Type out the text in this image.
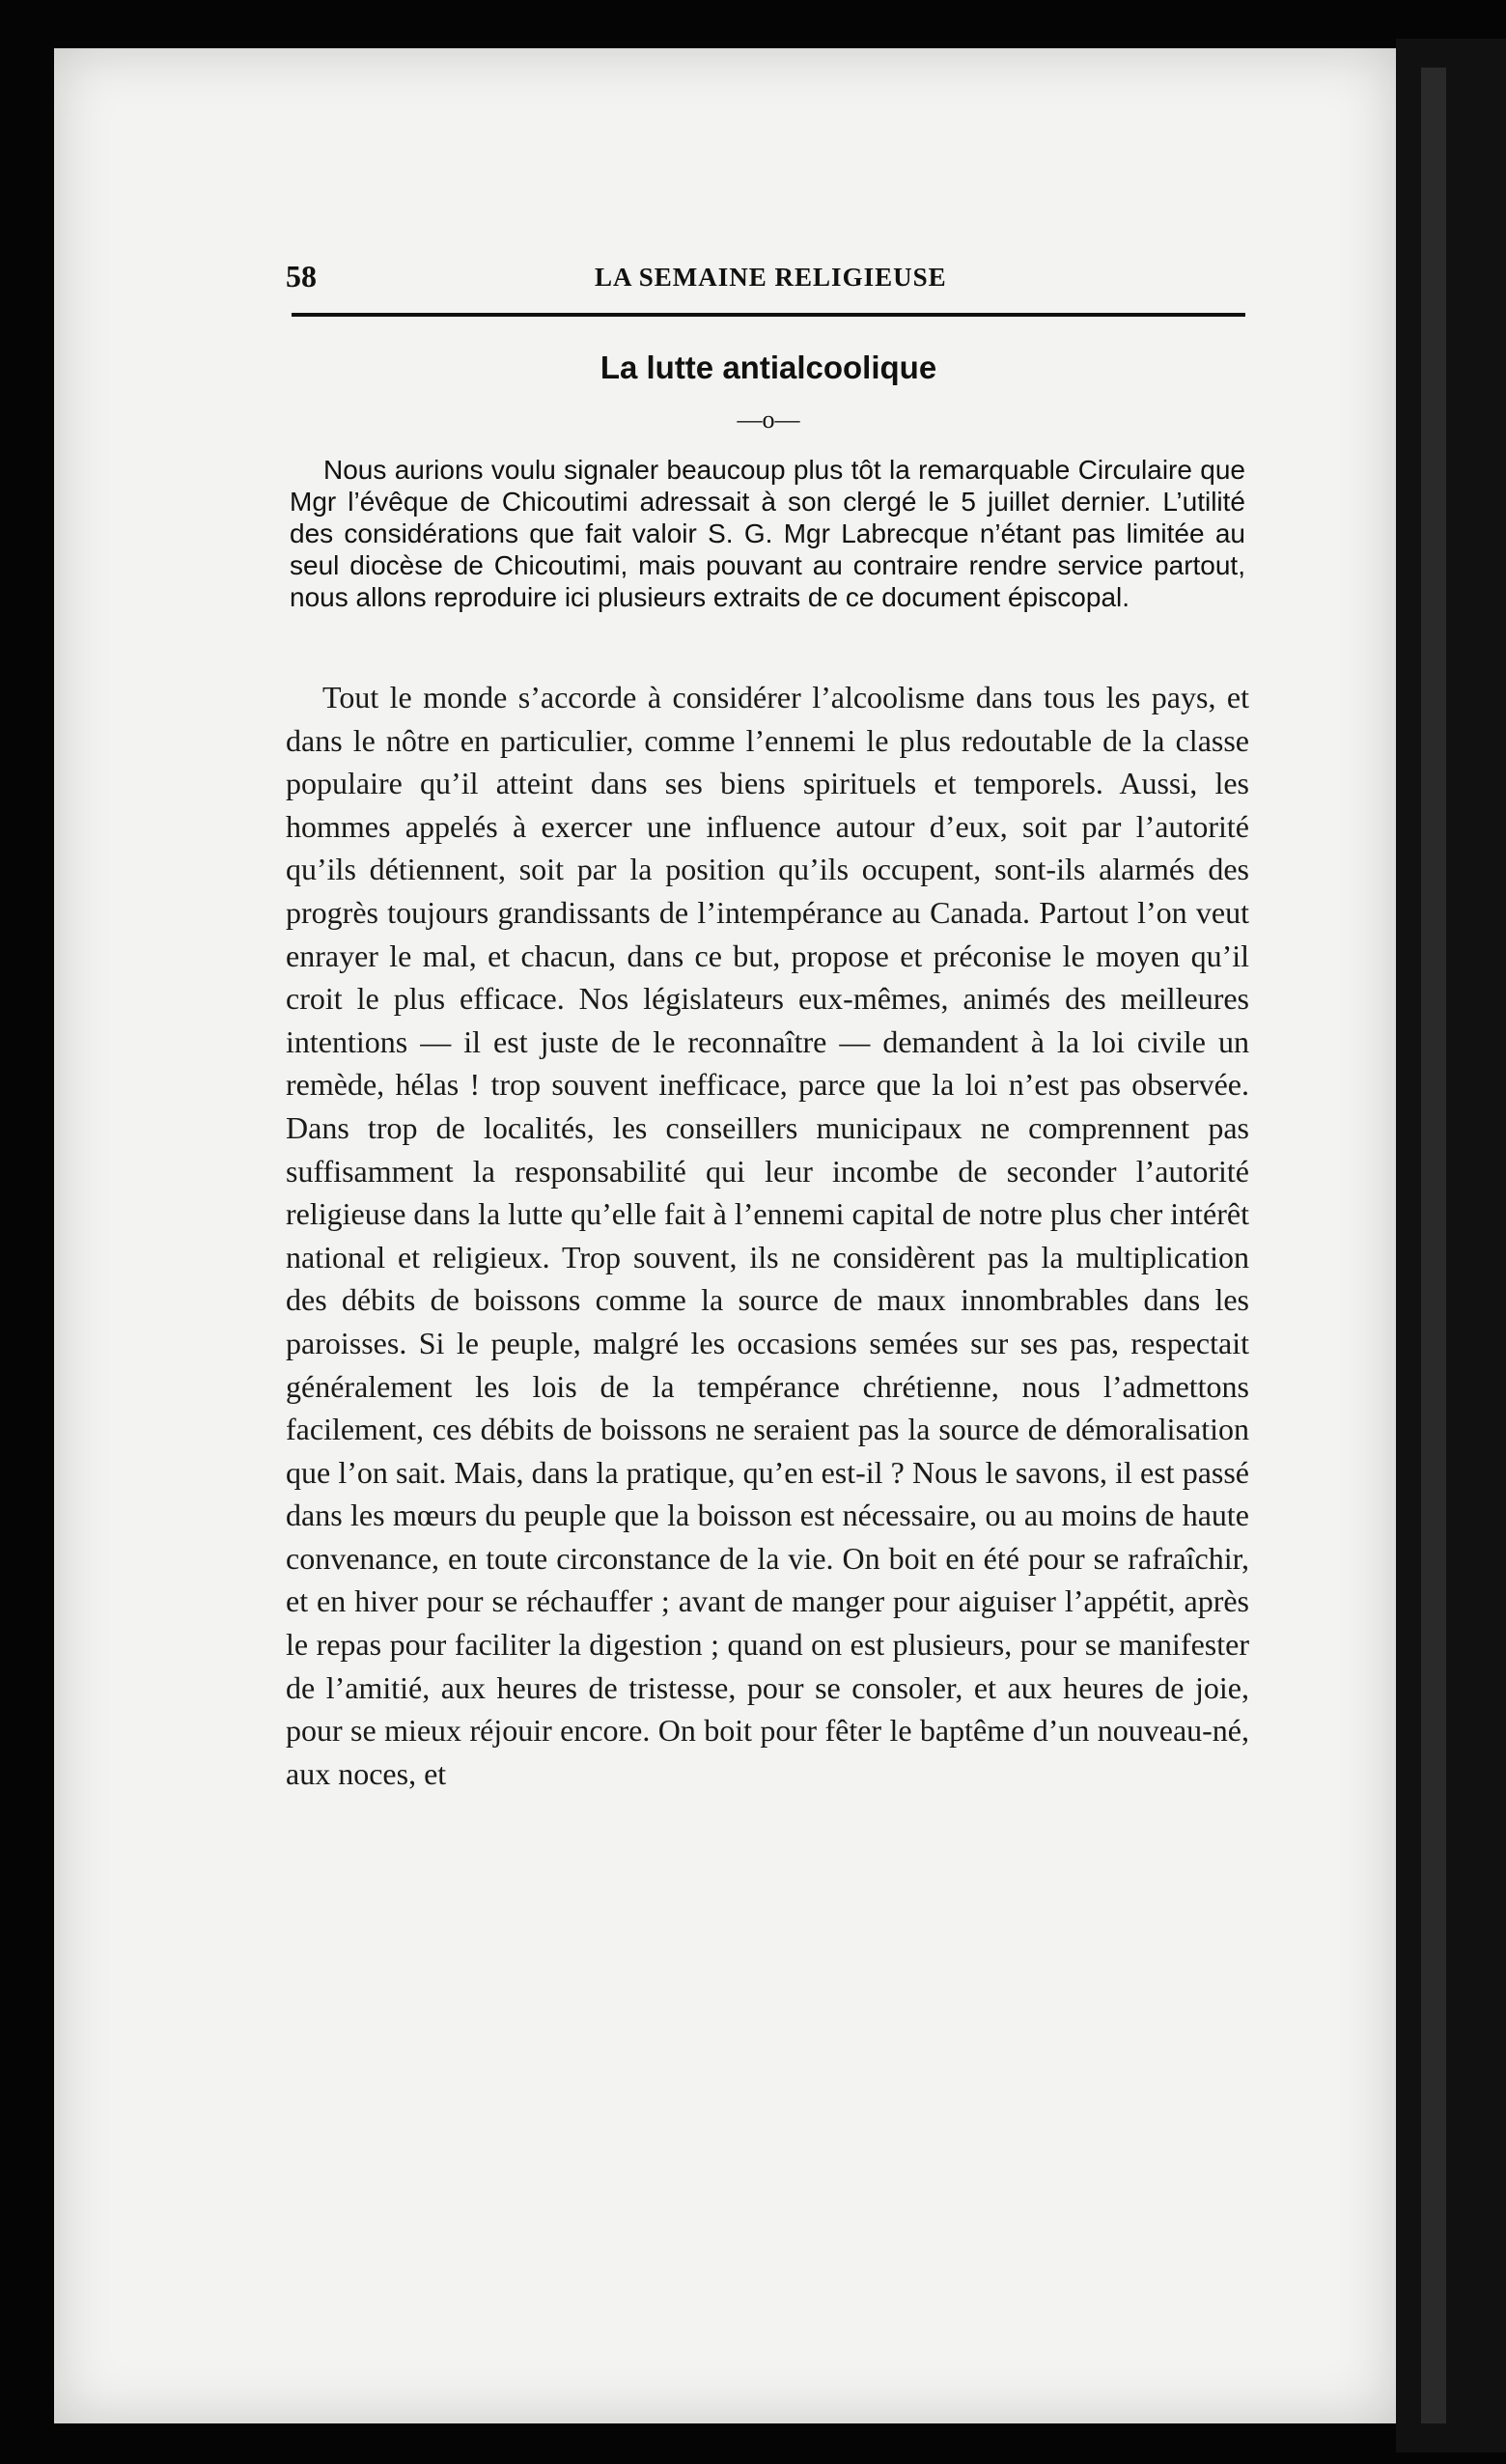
58	LA SEMAINE RELIGIEUSE
La lutte antialcoolique
—o—

Nous aurions voulu signaler beaucoup plus tôt la remarquable Circulaire que Mgr l’évêque de Chicoutimi adressait à son clergé le 5 juillet dernier. L’utilité des considérations que fait valoir S. G. Mgr Labrecque n’étant pas limitée au seul diocèse de Chicoutimi, mais pouvant au contraire rendre service partout, nous allons reproduire ici plusieurs extraits de ce document épiscopal.

Tout le monde s’accorde à considérer l’alcoolisme dans tous les pays, et dans le nôtre en particulier, comme l’ennemi le plus redoutable de la classe populaire qu’il atteint dans ses biens spirituels et temporels. Aussi, les hommes appelés à exercer une influence autour d’eux, soit par l’autorité qu’ils détiennent, soit par la position qu’ils occupent, sont-ils alarmés des progrès toujours grandissants de l’intempérance au Canada. Partout l’on veut enrayer le mal, et chacun, dans ce but, propose et préconise le moyen qu’il croit le plus efficace. Nos législateurs eux-mêmes, animés des meilleures intentions — il est juste de le reconnaître — demandent à la loi civile un remède, hélas ! trop souvent inefficace, parce que la loi n’est pas observée. Dans trop de localités, les conseillers municipaux ne comprennent pas suffisamment la responsabilité qui leur incombe de seconder l’autorité religieuse dans la lutte qu’elle fait à l’ennemi capital de notre plus cher intérêt national et religieux. Trop souvent, ils ne considèrent pas la multiplication des débits de boissons comme la source de maux innombrables dans les paroisses. Si le peuple, malgré les occasions semées sur ses pas, respectait généralement les lois de la tempérance chrétienne, nous l’admettons facilement, ces débits de boissons ne seraient pas la source de démoralisation que l’on sait. Mais, dans la pratique, qu’en est-il ? Nous le savons, il est passé dans les mœurs du peuple que la boisson est nécessaire, ou au moins de haute convenance, en toute circonstance de la vie. On boit en été pour se rafraîchir, et en hiver pour se réchauffer ; avant de manger pour aiguiser l’appétit, après le repas pour faciliter la digestion ; quand on est plusieurs, pour se manifester de l’amitié, aux heures de tristesse, pour se consoler, et aux heures de joie, pour se mieux réjouir encore. On boit pour fêter le baptême d’un nouveau-né, aux noces, et
